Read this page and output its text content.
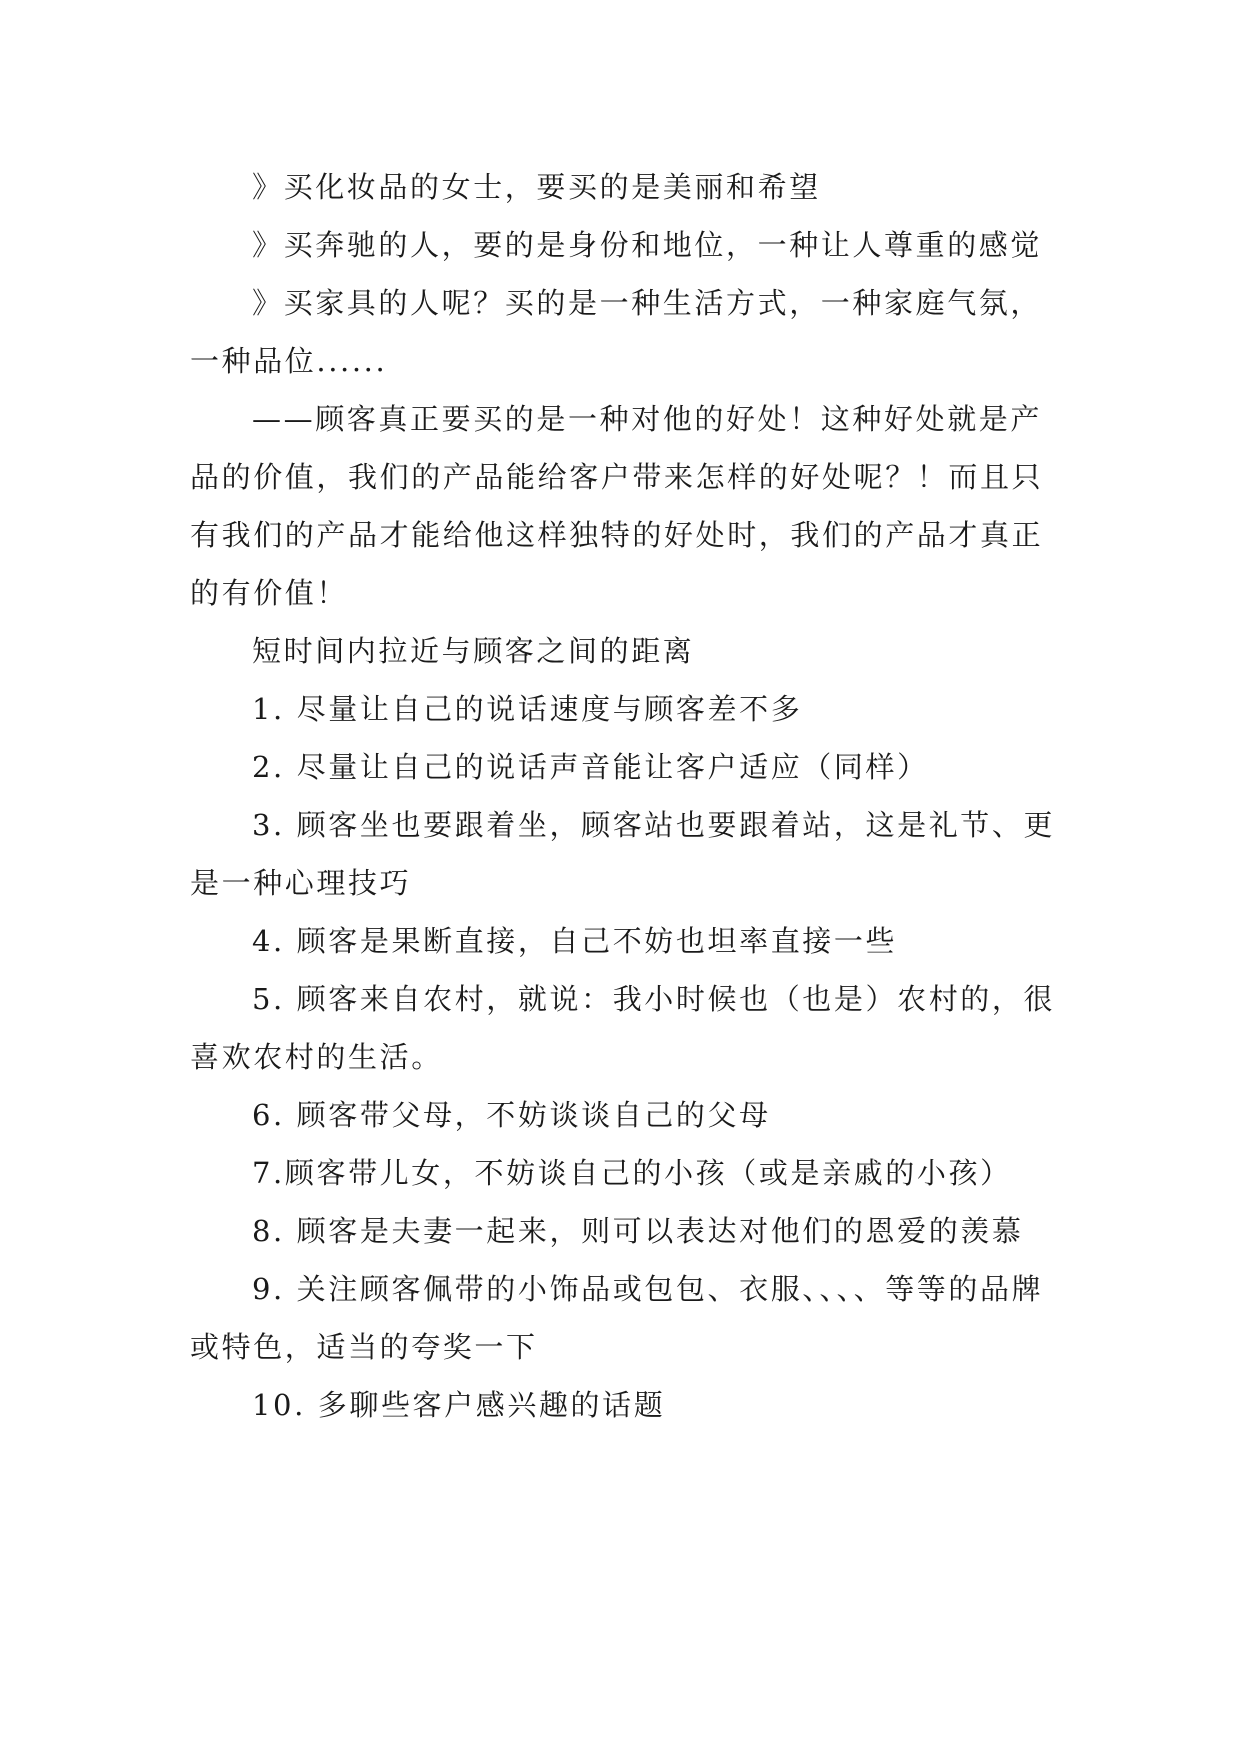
》买化妆品的女士，要买的是美丽和希望

》买奔驰的人，要的是身份和地位，一种让人尊重的感觉

》买家具的人呢？买的是一种生活方式，一种家庭气氛，一种品位......

——顾客真正要买的是一种对他的好处！这种好处就是产品的价值，我们的产品能给客户带来怎样的好处呢？！而且只有我们的产品才能给他这样独特的好处时，我们的产品才真正的有价值！

短时间内拉近与顾客之间的距离

1. 尽量让自己的说话速度与顾客差不多

2. 尽量让自己的说话声音能让客户适应（同样）

3. 顾客坐也要跟着坐，顾客站也要跟着站，这是礼节、更是一种心理技巧

4. 顾客是果断直接，自己不妨也坦率直接一些

5. 顾客来自农村，就说：我小时候也（也是）农村的，很喜欢农村的生活。

6. 顾客带父母，不妨谈谈自己的父母

7.顾客带儿女，不妨谈自己的小孩（或是亲戚的小孩）

8. 顾客是夫妻一起来，则可以表达对他们的恩爱的羡慕

9. 关注顾客佩带的小饰品或包包、衣服、、、、等等的品牌或特色，适当的夸奖一下

10. 多聊些客户感兴趣的话题
